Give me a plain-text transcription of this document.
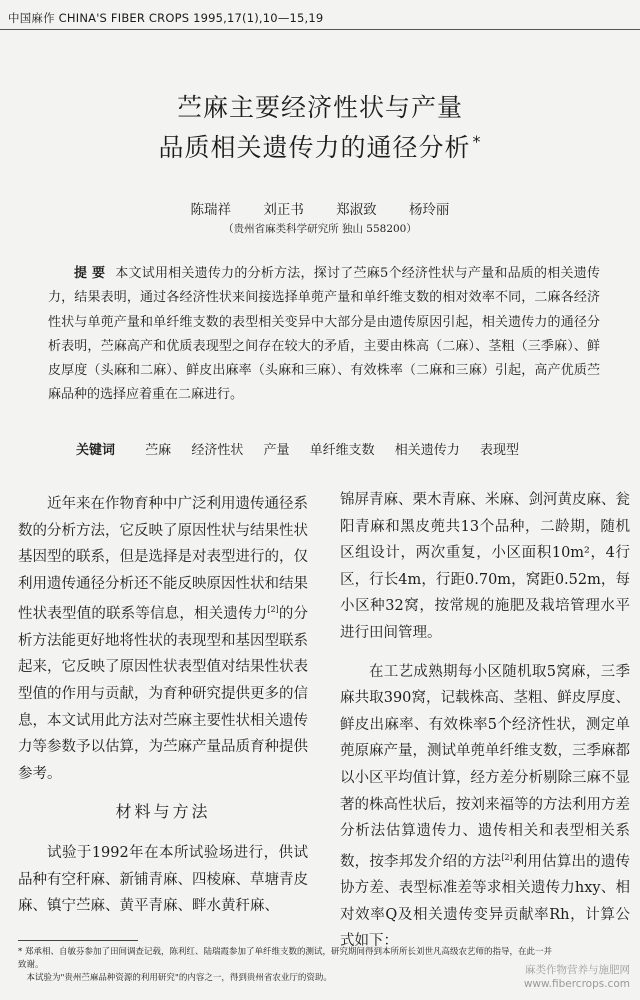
中国麻作 CHINA'S FIBER CROPS 1995,17(1),10—15,19
苎麻主要经济性状与产量
品质相关遗传力的通径分析 *
陈瑞祥 刘正书 郑淑致 杨玲丽
（贵州省麻类科学研究所 独山 558200）
提 要 本文试用相关遗传力的分析方法，探讨了苎麻5个经济性状与产量和品质的相关遗传力，结果表明，通过各经济性状来间接选择单蔸产量和单纤维支数的相对效率不同，二麻各经济性状与单蔸产量和单纤维支数的表型相关变异中大部分是由遗传原因引起，相关遗传力的通径分析表明，苎麻高产和优质表现型之间存在较大的矛盾，主要由株高（二麻）、茎粗（三季麻）、鲜皮厚度（头麻和二麻）、鲜皮出麻率（头麻和三麻）、有效株率（二麻和三麻）引起，高产优质苎麻品种的选择应着重在二麻进行。
关键词 苎麻 经济性状 产量 单纤维支数 相关遗传力 表现型

近年来在作物育种中广泛利用遗传通径系数的分析方法，它反映了原因性状与结果性状基因型的联系，但是选择是对表型进行的，仅利用遗传通径分析还不能反映原因性状和结果性状表型值的联系等信息，相关遗传力[2]的分析方法能更好地将性状的表现型和基因型联系起来，它反映了原因性状表型值对结果性状表型值的作用与贡献，为育种研究提供更多的信息，本文试用此方法对苎麻主要性状相关遗传力等参数予以估算，为苎麻产量品质育种提供参考。

材料与方法

试验于1992年在本所试验场进行，供试品种有空秆麻、新铺青麻、四棱麻、草塘青皮麻、镇宁苎麻、黄平青麻、畔水黄秆麻、

锦屏青麻、栗木青麻、米麻、剑河黄皮麻、瓮阳青麻和黑皮蔸共13个品种，二龄期，随机区组设计，两次重复，小区面积10m²，4行区，行长4m，行距0.70m，窝距0.52m，每小区种32窝，按常规的施肥及栽培管理水平进行田间管理。

在工艺成熟期每小区随机取5窝麻，三季麻共取390窝，记载株高、茎粗、鲜皮厚度、鲜皮出麻率、有效株率5个经济性状，测定单蔸原麻产量，测试单蔸单纤维支数，三季麻都以小区平均值计算，经方差分析剔除三麻不显著的株高性状后，按刘来福等的方法利用方差分析法估算遗传力、遗传相关和表型相关系数，按李邦发介绍的方法[2]利用估算出的遗传协方差、表型标准差等求相关遗传力hxy、相对效率Q及相关遗传变异贡献率Rh，计算公式如下：

* 郑承相、自敏芬参加了田间调查记载，陈利红、陆瑞霞参加了单纤维支数的测试，研究期间得到本所所长刘世凡高级农艺师的指导，在此一并致谢。

本试验为"贵州苎麻品种资源的利用研究"的内容之一，得到贵州省农业厅的资助。

麻类作物营养与施肥网
www.fibercrops.com
